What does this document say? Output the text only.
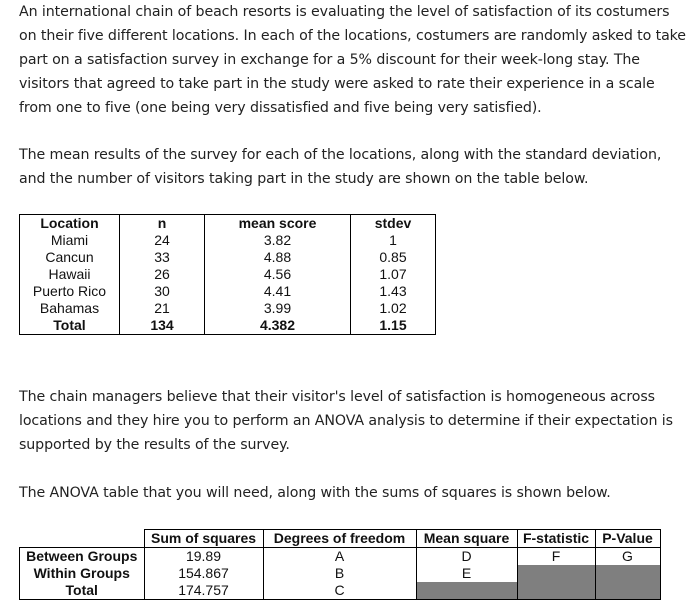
An international chain of beach resorts is evaluating the level of satisfaction of its costumers on their five different locations. In each of the locations, costumers are randomly asked to take part on a satisfaction survey in exchange for a 5% discount for their week-long stay. The visitors that agreed to take part in the study were asked to rate their experience in a scale from one to five (one being very dissatisfied and five being very satisfied).

The mean results of the survey for each of the locations, along with the standard deviation, and the number of visitors taking part in the study are shown on the table below.

Location	n	mean score	stdev
Miami	24	3.82	1
Cancun	33	4.88	0.85
Hawaii	26	4.56	1.07
Puerto Rico	30	4.41	1.43
Bahamas	21	3.99	1.02
Total	134	4.382	1.15

The chain managers believe that their visitor's level of satisfaction is homogeneous across locations and they hire you to perform an ANOVA analysis to determine if their expectation is supported by the results of the survey.

The ANOVA table that you will need, along with the sums of squares is shown below.

	Sum of squares	Degrees of freedom	Mean square	F-statistic	P-Value
Between Groups	19.89	A	D	F	G
Within Groups	154.867	B	E		
Total	174.757	C			
